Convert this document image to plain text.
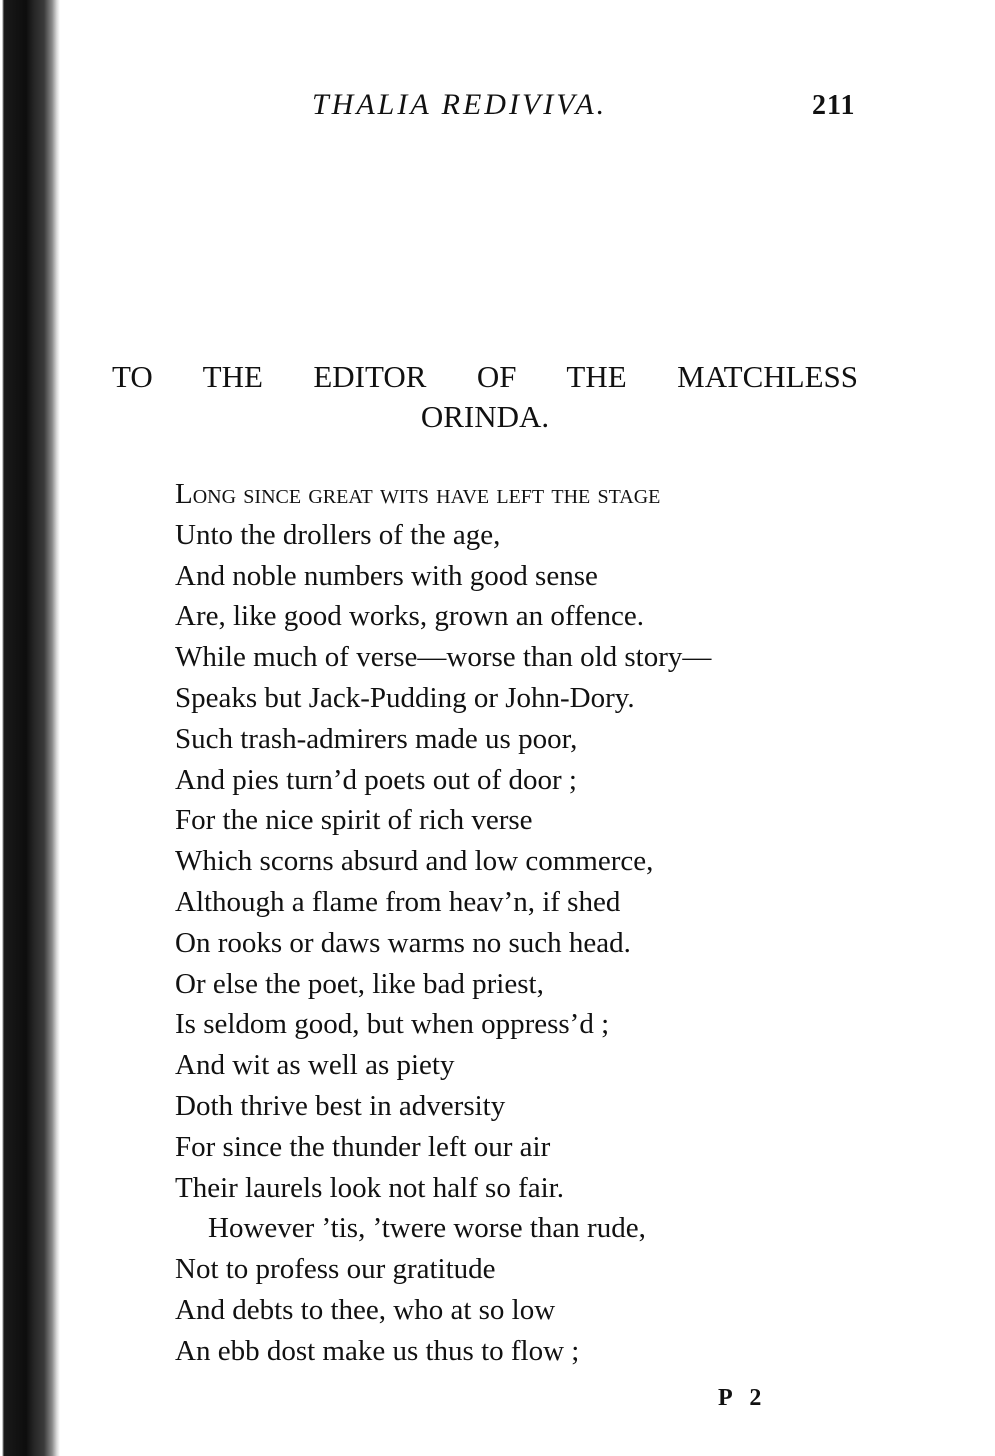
THALIA REDIVIVA.	211
TO THE EDITOR OF THE MATCHLESS
ORINDA.
Long since great wits have left the stage
Unto the drollers of the age,
And noble numbers with good sense
Are, like good works, grown an offence.
While much of verse—worse than old story—
Speaks but Jack-Pudding or John-Dory.
Such trash-admirers made us poor,
And pies turn’d poets out of door ;
For the nice spirit of rich verse
Which scorns absurd and low commerce,
Although a flame from heav’n, if shed
On rooks or daws warms no such head.
Or else the poet, like bad priest,
Is seldom good, but when oppress’d ;
And wit as well as piety
Doth thrive best in adversity
For since the thunder left our air
Their laurels look not half so fair.
However ’tis, ’twere worse than rude,
Not to profess our gratitude
And debts to thee, who at so low
An ebb dost make us thus to flow ;
P 2
